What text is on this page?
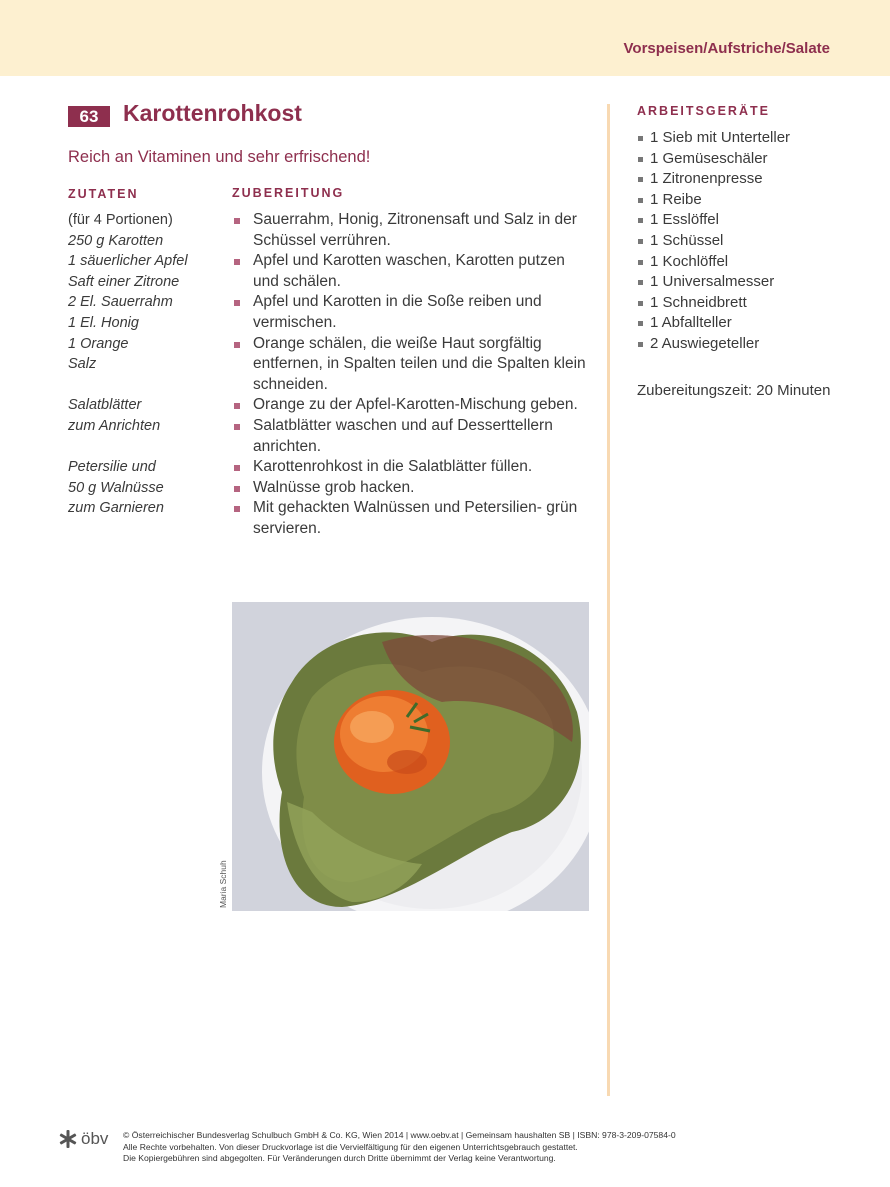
Vorspeisen/Aufstriche/Salate
63	Karottenrohkost
Reich an Vitaminen und sehr erfrischend!
ZUTATEN
(für 4 Portionen)
250 g Karotten
1 säuerlicher Apfel
Saft einer Zitrone
2 El. Sauerrahm
1 El. Honig
1 Orange
Salz
Salatblätter
zum Anrichten
Petersilie und
50 g Walnüsse
zum Garnieren
ZUBEREITUNG
Sauerrahm, Honig, Zitronensaft und Salz in der Schüssel verrühren.
Apfel und Karotten waschen, Karotten putzen und schälen.
Apfel und Karotten in die Soße reiben und vermischen.
Orange schälen, die weiße Haut sorgfältig entfernen, in Spalten teilen und die Spalten klein schneiden.
Orange zu der Apfel-Karotten-Mischung geben.
Salatblätter waschen und auf Desserttellern anrichten.
Karottenrohkost in die Salatblätter füllen.
Walnüsse grob hacken.
Mit gehackten Walnüssen und Petersilien- grün servieren.
ARBEITSGERÄTE
1 Sieb mit Unterteller
1 Gemüseschäler
1 Zitronenpresse
1 Reibe
1 Esslöffel
1 Schüssel
1 Kochlöffel
1 Universalmesser
1 Schneidbrett
1 Abfallteller
2 Auswiegeteller
Zubereitungszeit: 20 Minuten
Maria Schuh
öbv © Österreichischer Bundesverlag Schulbuch GmbH & Co. KG, Wien 2014 | www.oebv.at | Gemeinsam haushalten SB | ISBN: 978-3-209-07584-0
Alle Rechte vorbehalten. Von dieser Druckvorlage ist die Vervielfältigung für den eigenen Unterrichtsgebrauch gestattet.
Die Kopiergebühren sind abgegolten. Für Veränderungen durch Dritte übernimmt der Verlag keine Verantwortung.
